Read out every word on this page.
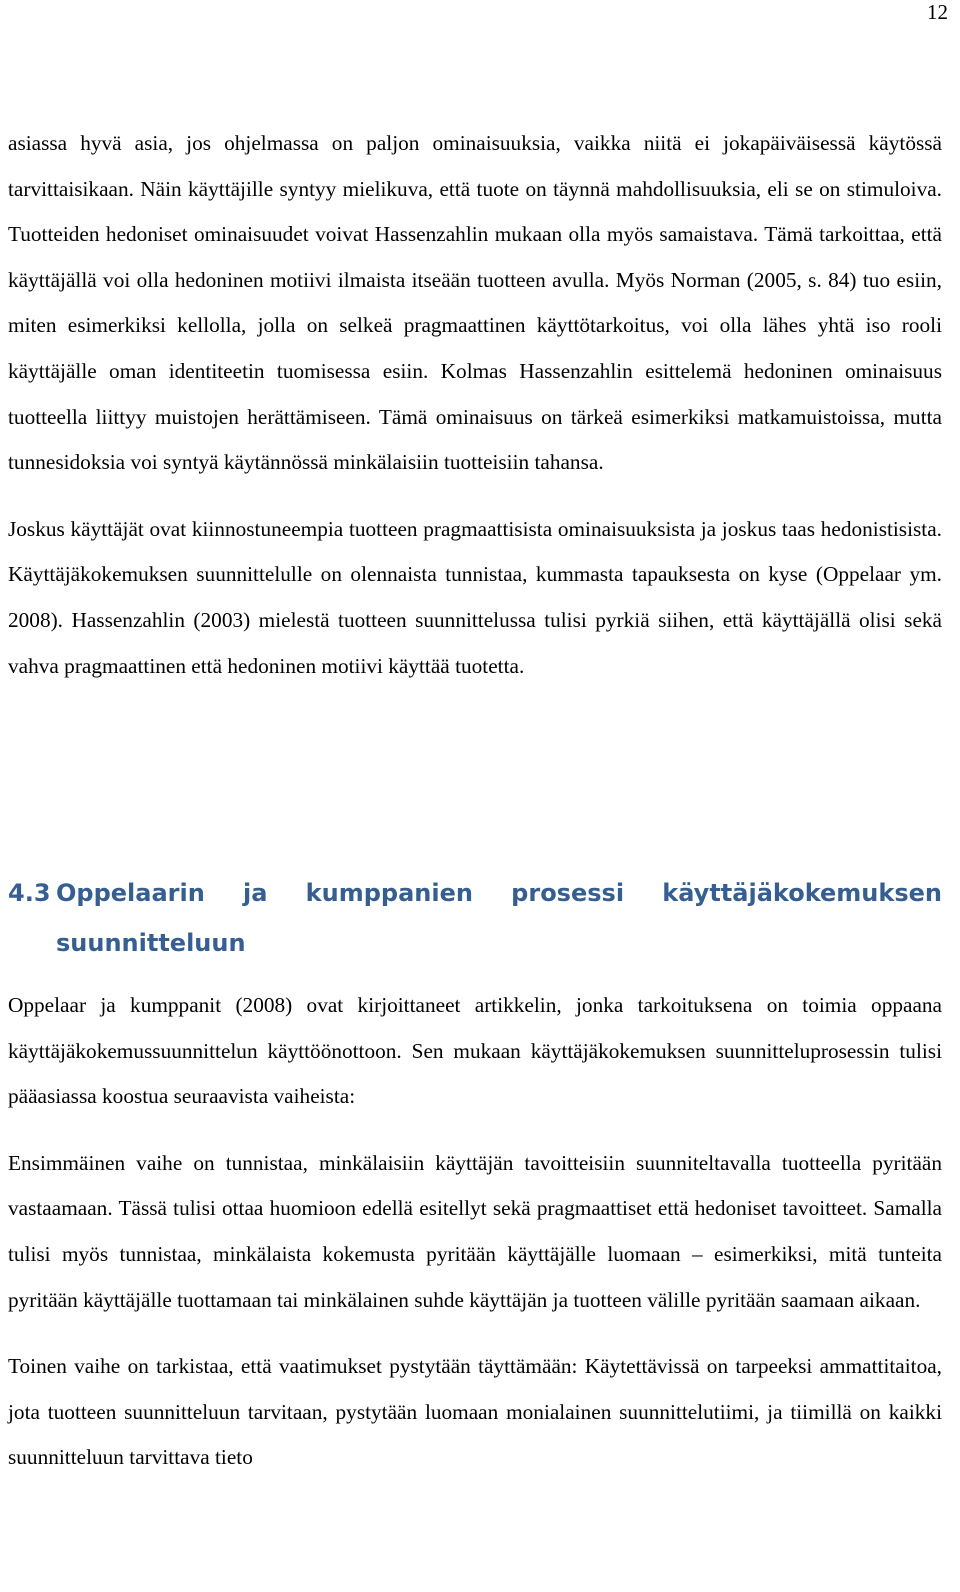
12

asiassa hyvä asia, jos ohjelmassa on paljon ominaisuuksia, vaikka niitä ei jokapäiväisessä käytössä tarvittaisikaan. Näin käyttäjille syntyy mielikuva, että tuote on täynnä mahdollisuuksia, eli se on stimuloiva. Tuotteiden hedoniset ominaisuudet voivat Hassenzahlin mukaan olla myös samaistava. Tämä tarkoittaa, että käyttäjällä voi olla hedoninen motiivi ilmaista itseään tuotteen avulla. Myös Norman (2005, s. 84) tuo esiin, miten esimerkiksi kellolla, jolla on selkeä pragmaattinen käyttötarkoitus, voi olla lähes yhtä iso rooli käyttäjälle oman identiteetin tuomisessa esiin. Kolmas Hassenzahlin esittelemä hedoninen ominaisuus tuotteella liittyy muistojen herättämiseen. Tämä ominaisuus on tärkeä esimerkiksi matkamuistoissa, mutta tunnesidoksia voi syntyä käytännössä minkälaisiin tuotteisiin tahansa.

Joskus käyttäjät ovat kiinnostuneempia tuotteen pragmaattisista ominaisuuksista ja joskus taas hedonistisista. Käyttäjäkokemuksen suunnittelulle on olennaista tunnistaa, kummasta tapauksesta on kyse (Oppelaar ym. 2008). Hassenzahlin (2003) mielestä tuotteen suunnittelussa tulisi pyrkiä siihen, että käyttäjällä olisi sekä vahva pragmaattinen että hedoninen motiivi käyttää tuotetta.

4.3 Oppelaarin ja kumppanien prosessi käyttäjäkokemuksen suunnitteluun

Oppelaar ja kumppanit (2008) ovat kirjoittaneet artikkelin, jonka tarkoituksena on toimia oppaana käyttäjäkokemussuunnittelun käyttöönottoon. Sen mukaan käyttäjäkokemuksen suunnitteluprosessin tulisi pääasiassa koostua seuraavista vaiheista:

Ensimmäinen vaihe on tunnistaa, minkälaisiin käyttäjän tavoitteisiin suunniteltavalla tuotteella pyritään vastaamaan. Tässä tulisi ottaa huomioon edellä esitellyt sekä pragmaattiset että hedoniset tavoitteet. Samalla tulisi myös tunnistaa, minkälaista kokemusta pyritään käyttäjälle luomaan – esimerkiksi, mitä tunteita pyritään käyttäjälle tuottamaan tai minkälainen suhde käyttäjän ja tuotteen välille pyritään saamaan aikaan.

Toinen vaihe on tarkistaa, että vaatimukset pystytään täyttämään: Käytettävissä on tarpeeksi ammattitaitoa, jota tuotteen suunnitteluun tarvitaan, pystytään luomaan monialainen suunnittelutiimi, ja tiimillä on kaikki suunnitteluun tarvittava tieto
